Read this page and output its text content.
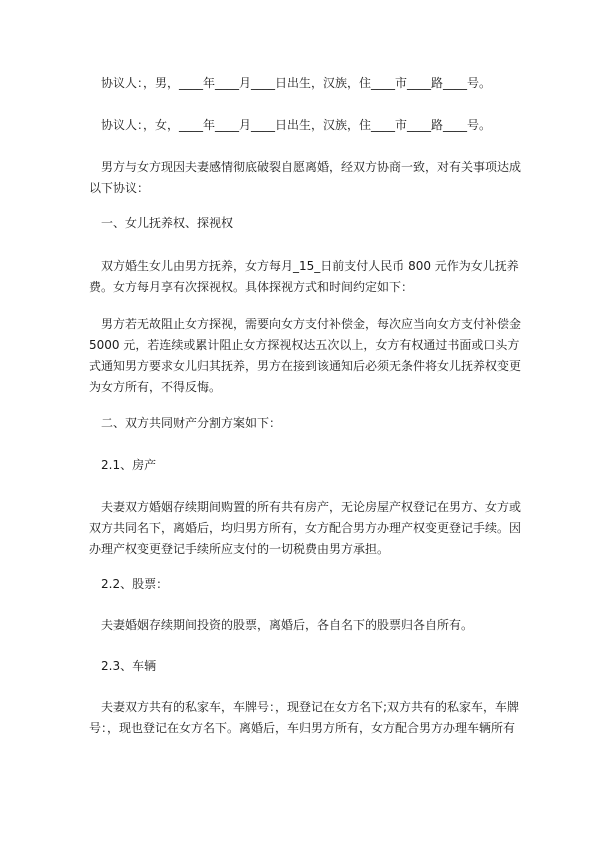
协议人：，男，____年____月____日出生，汉族，住____市____路____号。
协议人：，女，____年____月____日出生，汉族，住____市____路____号。
男方与女方现因夫妻感情彻底破裂自愿离婚，经双方协商一致，对有关事项达成以下协议：
一、女儿抚养权、探视权
双方婚生女儿由男方抚养，女方每月_15_日前支付人民币 800 元作为女儿抚养费。女方每月享有次探视权。具体探视方式和时间约定如下：
男方若无故阻止女方探视，需要向女方支付补偿金，每次应当向女方支付补偿金 5000 元，若连续或累计阻止女方探视权达五次以上，女方有权通过书面或口头方式通知男方要求女儿归其抚养，男方在接到该通知后必须无条件将女儿抚养权变更为女方所有，不得反悔。
二、双方共同财产分割方案如下：
2.1、房产
夫妻双方婚姻存续期间购置的所有共有房产，无论房屋产权登记在男方、女方或双方共同名下，离婚后，均归男方所有，女方配合男方办理产权变更登记手续。因办理产权变更登记手续所应支付的一切税费由男方承担。
2.2、股票：
夫妻婚姻存续期间投资的股票，离婚后，各自名下的股票归各自所有。
2.3、车辆
夫妻双方共有的私家车，车牌号：，现登记在女方名下;双方共有的私家车，车牌号：，现也登记在女方名下。离婚后，车归男方所有，女方配合男方办理车辆所有
